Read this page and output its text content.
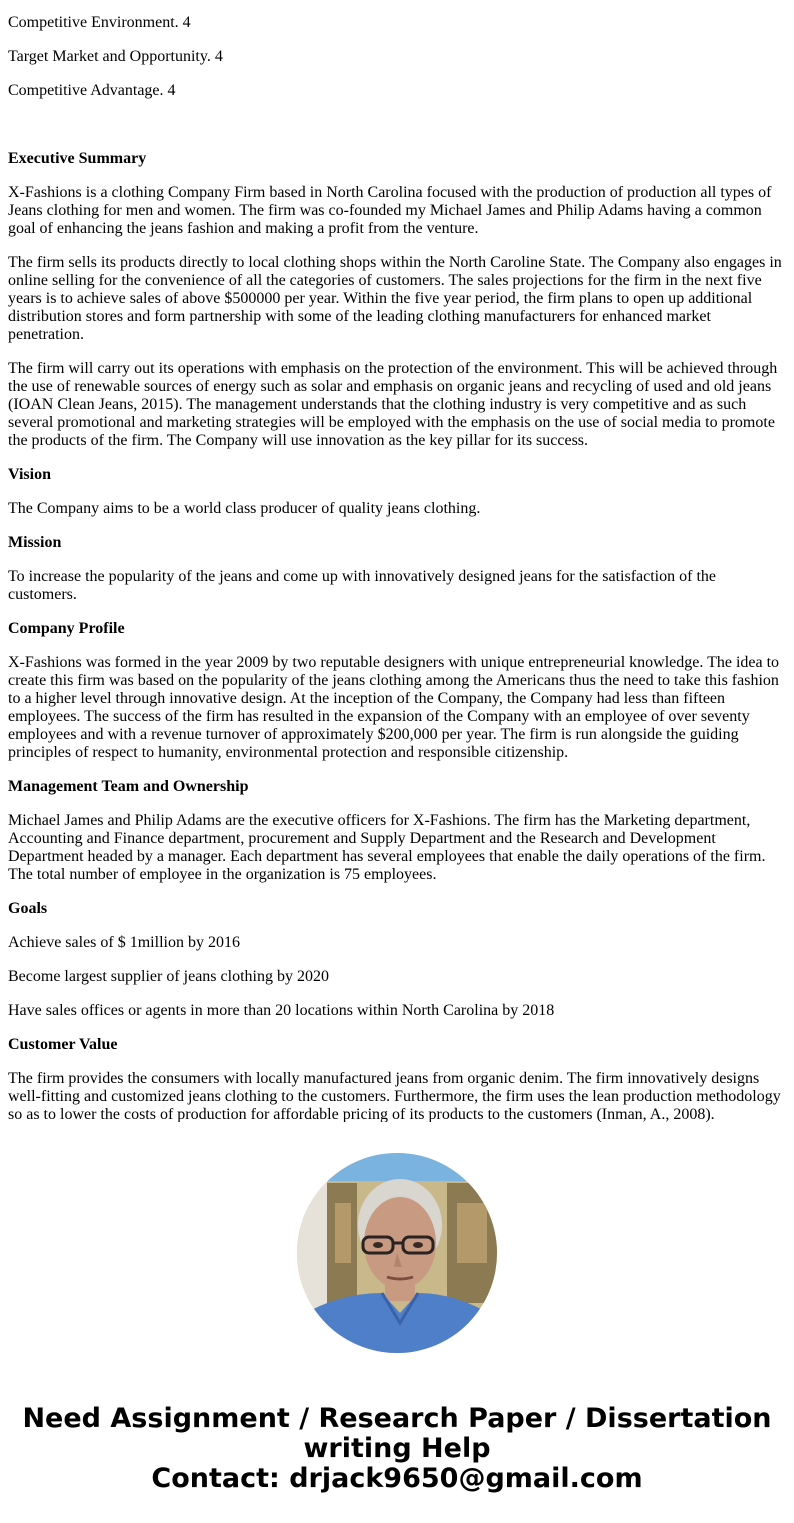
Competitive Environment. 4

Target Market and Opportunity. 4

Competitive Advantage. 4

Executive Summary

X-Fashions is a clothing Company Firm based in North Carolina focused with the production of production all types of Jeans clothing for men and women. The firm was co-founded my Michael James and Philip Adams having a common goal of enhancing the jeans fashion and making a profit from the venture.

The firm sells its products directly to local clothing shops within the North Caroline State. The Company also engages in online selling for the convenience of all the categories of customers. The sales projections for the firm in the next five years is to achieve sales of above $500000 per year. Within the five year period, the firm plans to open up additional distribution stores and form partnership with some of the leading clothing manufacturers for enhanced market penetration.

The firm will carry out its operations with emphasis on the protection of the environment. This will be achieved through the use of renewable sources of energy such as solar and emphasis on organic jeans and recycling of used and old jeans (IOAN Clean Jeans, 2015). The management understands that the clothing industry is very competitive and as such several promotional and marketing strategies will be employed with the emphasis on the use of social media to promote the products of the firm. The Company will use innovation as the key pillar for its success.

Vision

The Company aims to be a world class producer of quality jeans clothing.

Mission

To increase the popularity of the jeans and come up with innovatively designed jeans for the satisfaction of the customers.

Company Profile

X-Fashions was formed in the year 2009 by two reputable designers with unique entrepreneurial knowledge. The idea to create this firm was based on the popularity of the jeans clothing among the Americans thus the need to take this fashion to a higher level through innovative design. At the inception of the Company, the Company had less than fifteen employees. The success of the firm has resulted in the expansion of the Company with an employee of over seventy employees and with a revenue turnover of approximately $200,000 per year. The firm is run alongside the guiding principles of respect to humanity, environmental protection and responsible citizenship.

Management Team and Ownership

Michael James and Philip Adams are the executive officers for X-Fashions. The firm has the Marketing department, Accounting and Finance department, procurement and Supply Department and the Research and Development Department headed by a manager. Each department has several employees that enable the daily operations of the firm. The total number of employee in the organization is 75 employees.

Goals

Achieve sales of $ 1million by 2016

Become largest supplier of jeans clothing by 2020

Have sales offices or agents in more than 20 locations within North Carolina by 2018

Customer Value

The firm provides the consumers with locally manufactured jeans from organic denim. The firm innovatively designs well-fitting and customized jeans clothing to the customers. Furthermore, the firm uses the lean production methodology so as to lower the costs of production for affordable pricing of its products to the customers (Inman, A., 2008).

Need Assignment / Research Paper / Dissertation
writing Help
Contact: drjack9650@gmail.com
